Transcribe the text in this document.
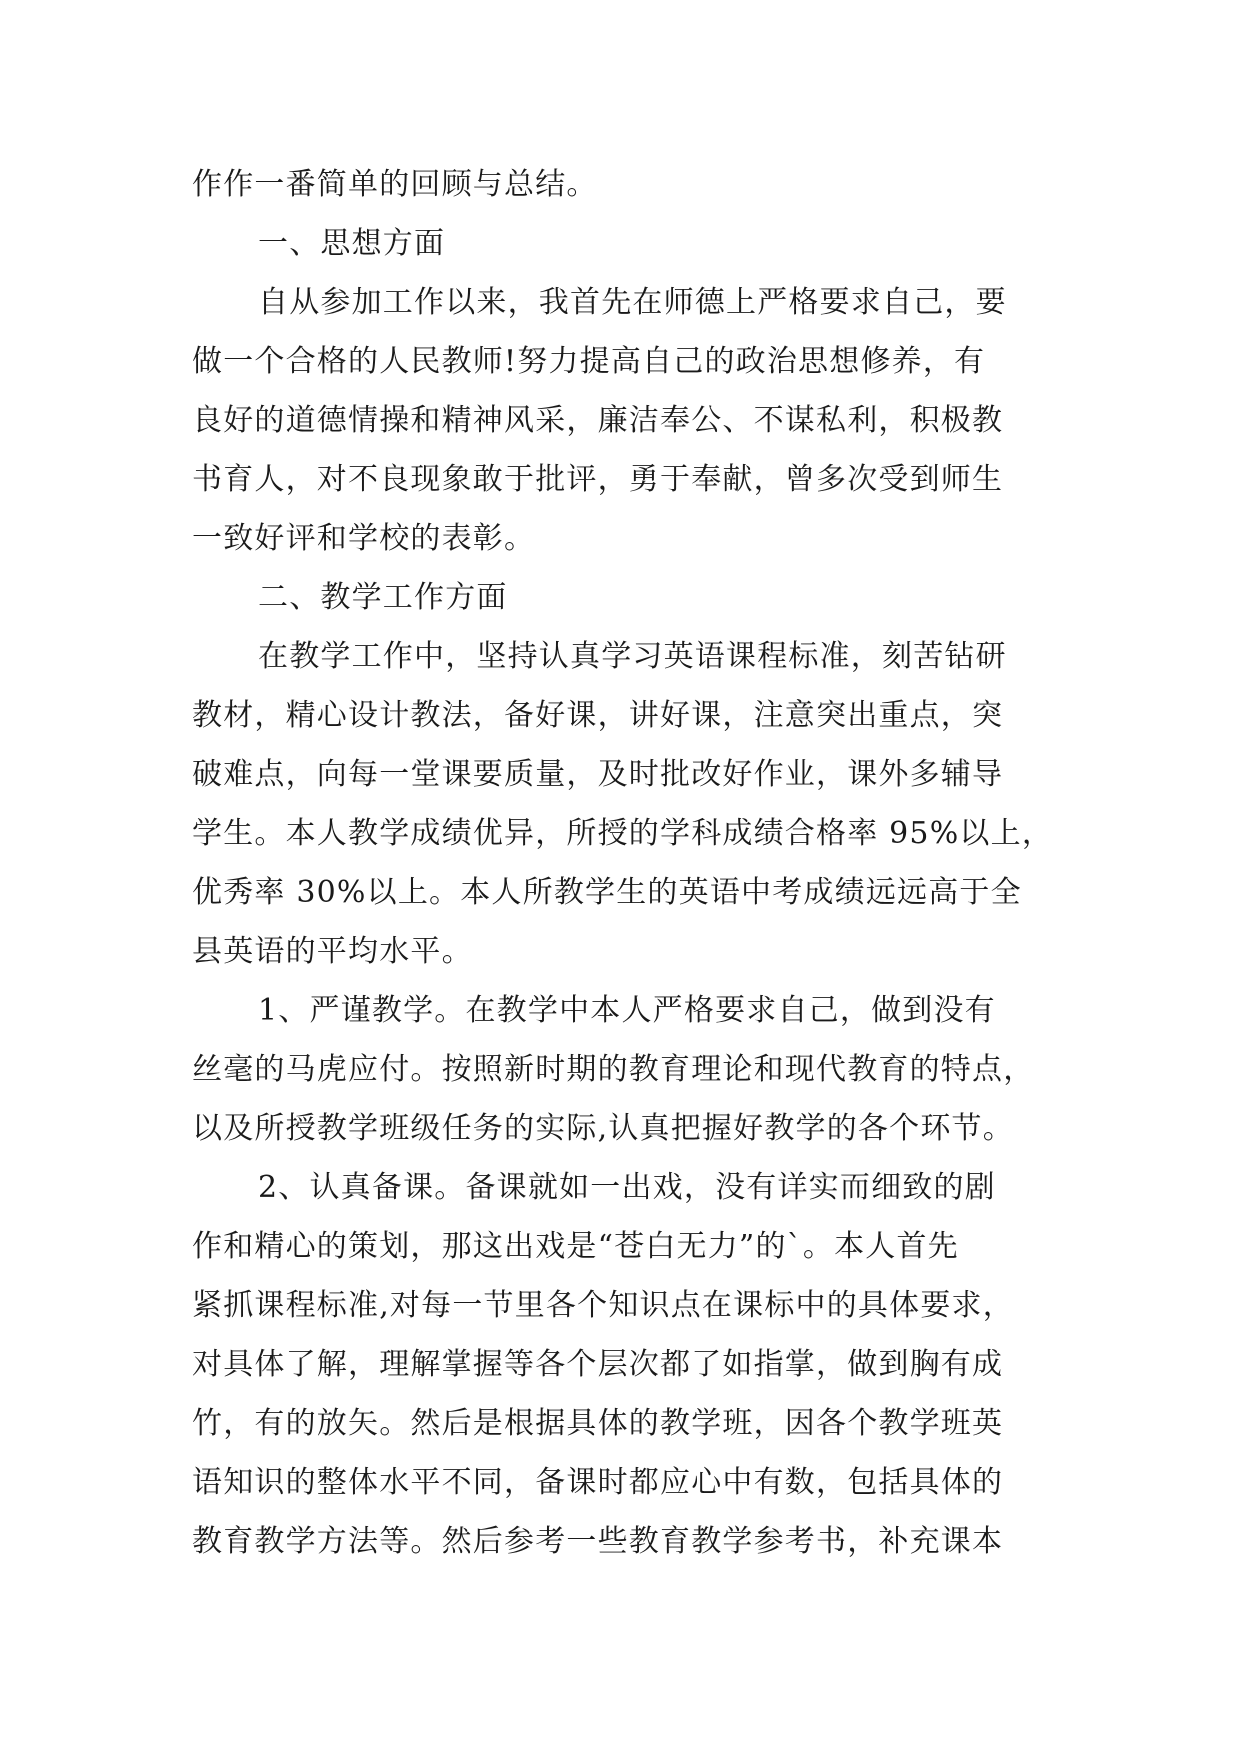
作作一番简单的回顾与总结。
一、思想方面
自从参加工作以来，我首先在师德上严格要求自己，要
做一个合格的人民教师!努力提高自己的政治思想修养，有
良好的道德情操和精神风采，廉洁奉公、不谋私利，积极教
书育人，对不良现象敢于批评，勇于奉献，曾多次受到师生
一致好评和学校的表彰。
二、教学工作方面
在教学工作中，坚持认真学习英语课程标准，刻苦钻研
教材，精心设计教法，备好课，讲好课，注意突出重点，突
破难点，向每一堂课要质量，及时批改好作业，课外多辅导
学生。本人教学成绩优异，所授的学科成绩合格率 95%以上，
优秀率 30%以上。本人所教学生的英语中考成绩远远高于全
县英语的平均水平。
1、严谨教学。在教学中本人严格要求自己，做到没有
丝毫的马虎应付。按照新时期的教育理论和现代教育的特点，
以及所授教学班级任务的实际,认真把握好教学的各个环节。
2、认真备课。备课就如一出戏，没有详实而细致的剧
作和精心的策划，那这出戏是“苍白无力”的`。本人首先
紧抓课程标准,对每一节里各个知识点在课标中的具体要求，
对具体了解，理解掌握等各个层次都了如指掌，做到胸有成
竹，有的放矢。然后是根据具体的教学班，因各个教学班英
语知识的整体水平不同，备课时都应心中有数，包括具体的
教育教学方法等。然后参考一些教育教学参考书，补充课本
